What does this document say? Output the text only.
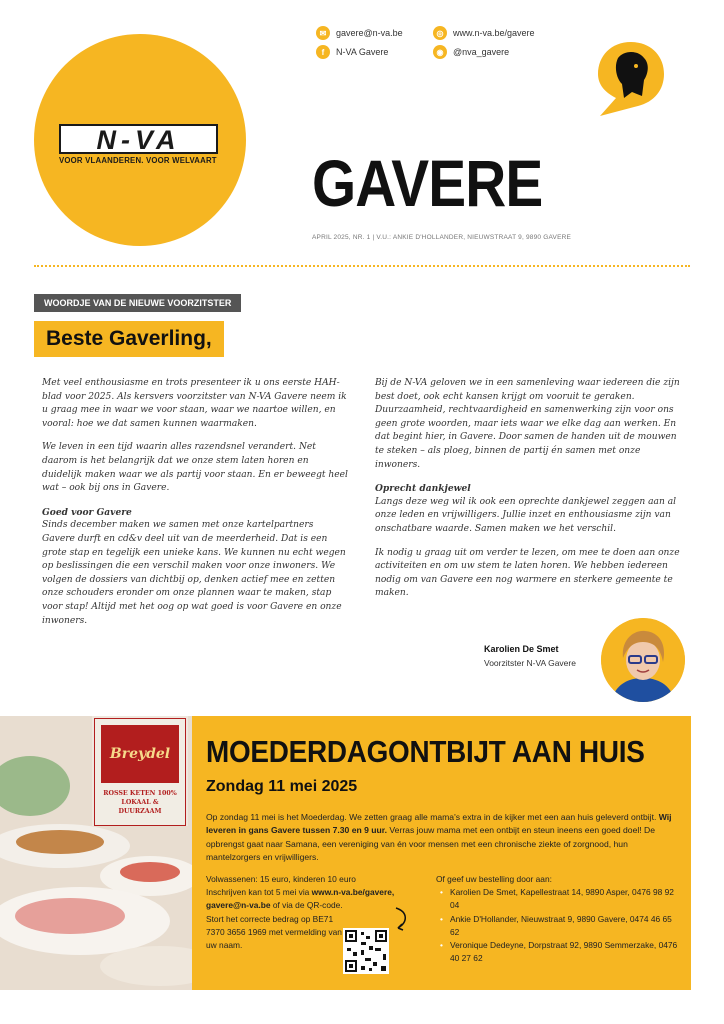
N-VA
VOOR VLAANDEREN. VOOR WELVAART
✉	gavere@n-va.be	◎	www.n-va.be/gavere
f	N-VA Gavere	◉	@nva_gavere
GAVERE
APRIL 2025, NR. 1 | V.U.: ANKIE D'HOLLANDER, NIEUWSTRAAT 9, 9890 GAVERE
WOORDJE VAN DE NIEUWE VOORZITSTER
Beste Gaverling,

Met veel enthousiasme en trots presenteer ik u ons eerste HAH-blad voor 2025. Als kersvers voorzitster van N-VA Gavere neem ik u graag mee in waar we voor staan, waar we naartoe willen, en vooral: hoe we dat samen kunnen waarmaken.

We leven in een tijd waarin alles razendsnel verandert. Net daarom is het belangrijk dat we onze stem laten horen en duidelijk maken waar we als partij voor staan. En er beweegt heel wat – ook bij ons in Gavere.

Goed voor Gavere

Sinds december maken we samen met onze kartelpartners Gavere durft en cd&v deel uit van de meerderheid. Dat is een grote stap en tegelijk een unieke kans. We kunnen nu echt wegen op beslissingen die een verschil maken voor onze inwoners. We volgen de dossiers van dichtbij op, denken actief mee en zetten onze schouders eronder om onze plannen waar te maken, stap voor stap! Altijd met het oog op wat goed is voor Gavere en onze inwoners.

Bij de N-VA geloven we in een samenleving waar iedereen die zijn best doet, ook echt kansen krijgt om vooruit te geraken. Duurzaamheid, rechtvaardigheid en samenwerking zijn voor ons geen grote woorden, maar iets waar we elke dag aan werken. En dat begint hier, in Gavere. Door samen de handen uit de mouwen te steken – als ploeg, binnen de partij én samen met onze inwoners.

Oprecht dankjewel

Langs deze weg wil ik ook een oprechte dankjewel zeggen aan al onze leden en vrijwilligers. Jullie inzet en enthousiasme zijn van onschatbare waarde. Samen maken we het verschil.

Ik nodig u graag uit om verder te lezen, om mee te doen aan onze activiteiten en om uw stem te laten horen. We hebben iedereen nodig om van Gavere een nog warmere en sterkere gemeente te maken.

Karolien De Smet
Voorzitster N-VA Gavere
Breydel
ROSSE KETEN 100% LOKAAL & DUURZAAM
MOEDERDAGONTBIJT AAN HUIS
Zondag 11 mei 2025
Op zondag 11 mei is het Moederdag. We zetten graag alle mama's extra in de kijker met een aan huis geleverd ontbijt. Wij leveren in gans Gavere tussen 7.30 en 9 uur. Verras jouw mama met een ontbijt en steun ineens een goed doel! De opbrengst gaat naar Samana, een vereniging van én voor mensen met een chronische ziekte of zorgnood, hun mantelzorgers en vrijwilligers.
Volwassenen: 15 euro, kinderen 10 euro
Inschrijven kan tot 5 mei via www.n-va.be/gavere, gavere@n-va.be of via de QR-code.
Stort het correcte bedrag op BE71 7370 3656 1969 met vermelding van uw naam.
Of geef uw bestelling door aan:
• Karolien De Smet, Kapellestraat 14, 9890 Asper, 0476 98 92 04
• Ankie D'Hollander, Nieuwstraat 9, 9890 Gavere, 0474 46 65 62
• Veronique Dedeyne, Dorpstraat 92, 9890 Semmerzake, 0476 40 27 62
